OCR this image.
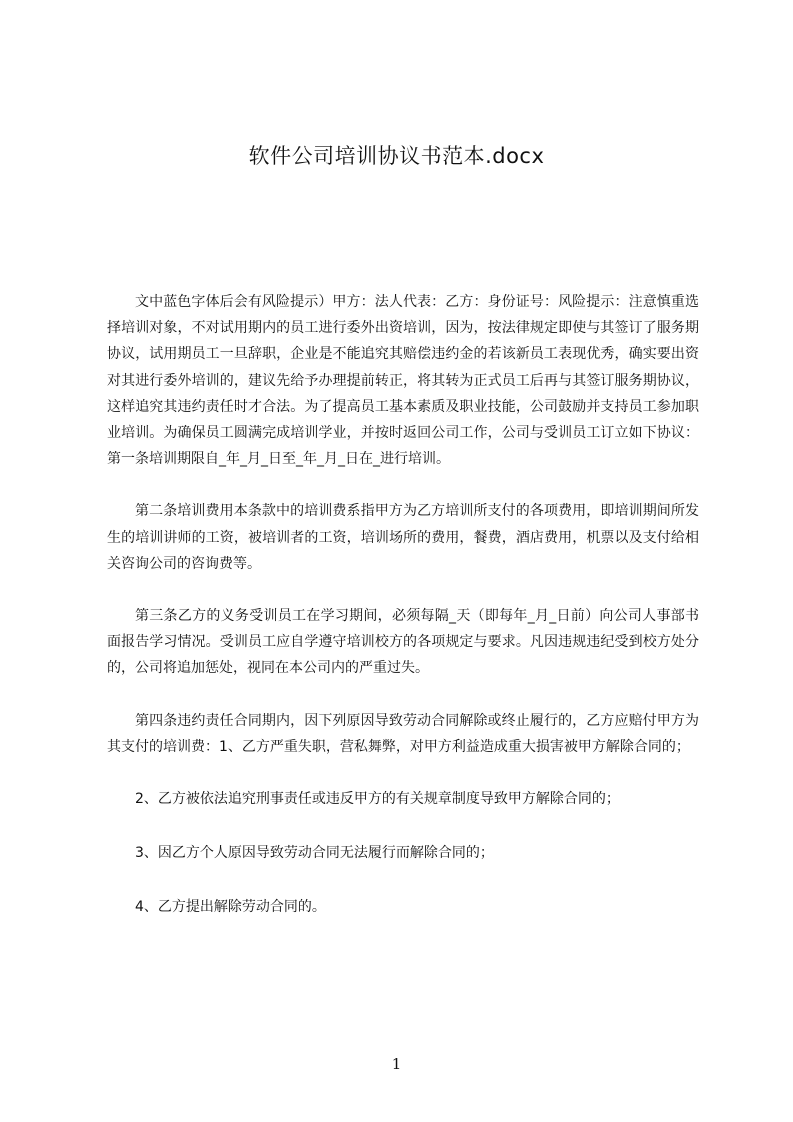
软件公司培训协议书范本.docx

文中蓝色字体后会有风险提示）甲方：法人代表：乙方：身份证号：风险提示：注意慎重选择培训对象，不对试用期内的员工进行委外出资培训，因为，按法律规定即使与其签订了服务期协议，试用期员工一旦辞职，企业是不能追究其赔偿违约金的若该新员工表现优秀，确实要出资对其进行委外培训的，建议先给予办理提前转正，将其转为正式员工后再与其签订服务期协议，这样追究其违约责任时才合法。为了提高员工基本素质及职业技能，公司鼓励并支持员工参加职业培训。为确保员工圆满完成培训学业，并按时返回公司工作，公司与受训员工订立如下协议：第一条培训期限自_年_月_日至_年_月_日在_进行培训。

第二条培训费用本条款中的培训费系指甲方为乙方培训所支付的各项费用，即培训期间所发生的培训讲师的工资，被培训者的工资，培训场所的费用，餐费，酒店费用，机票以及支付给相关咨询公司的咨询费等。

第三条乙方的义务受训员工在学习期间，必须每隔_天（即每年_月_日前）向公司人事部书面报告学习情况。受训员工应自学遵守培训校方的各项规定与要求。凡因违规违纪受到校方处分的，公司将追加惩处，视同在本公司内的严重过失。

第四条违约责任合同期内，因下列原因导致劳动合同解除或终止履行的，乙方应赔付甲方为其支付的培训费：1、乙方严重失职，营私舞弊，对甲方利益造成重大损害被甲方解除合同的；

2、乙方被依法追究刑事责任或违反甲方的有关规章制度导致甲方解除合同的；

3、因乙方个人原因导致劳动合同无法履行而解除合同的；

4、乙方提出解除劳动合同的。

1
